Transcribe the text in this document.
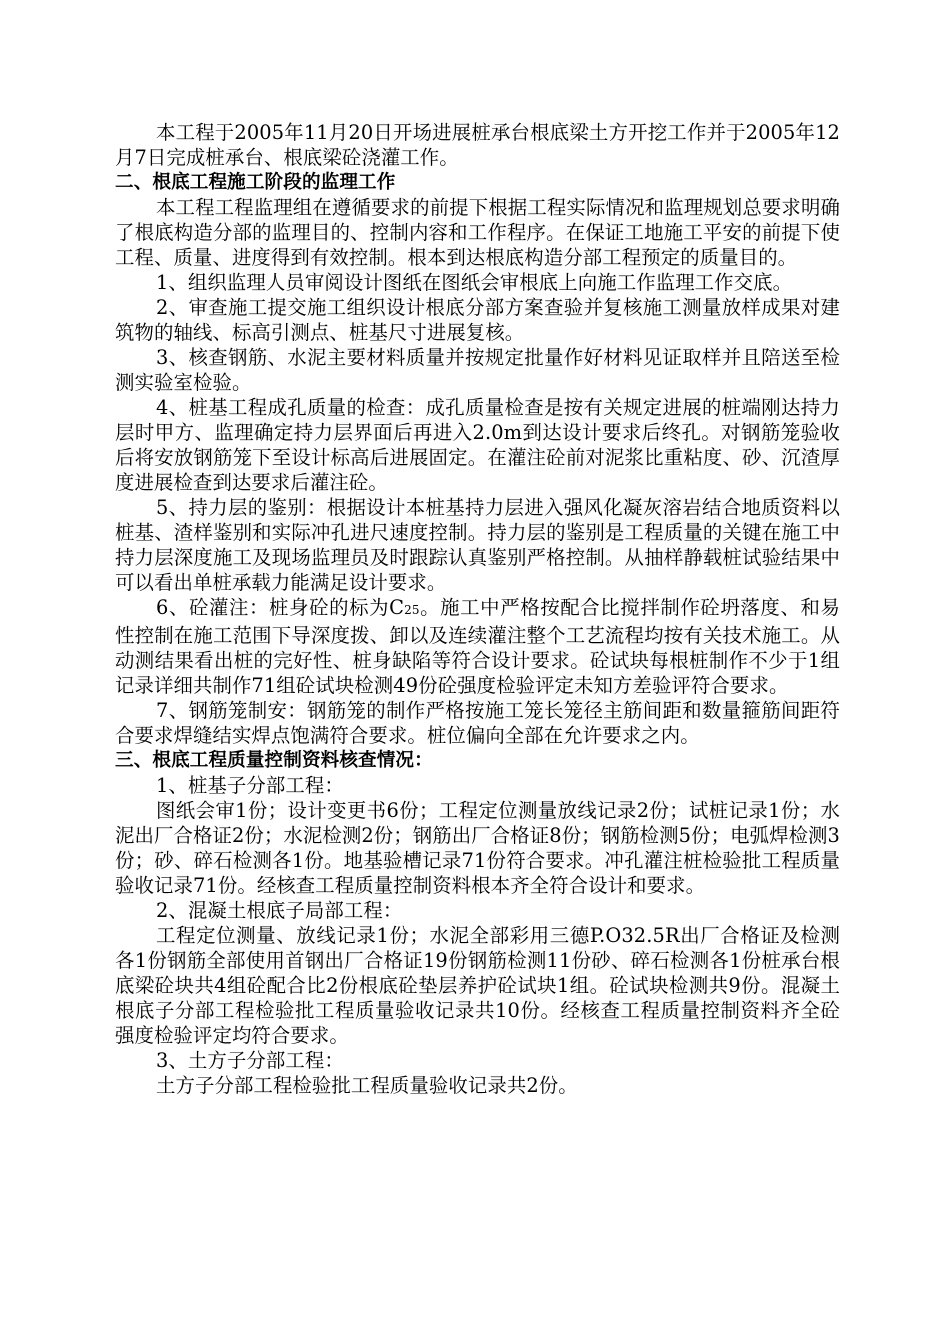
本工程于2005年11月20日开场进展桩承台根底梁土方开挖工作并于2005年12月7日完成桩承台、根底梁砼浇灌工作。

二、根底工程施工阶段的监理工作

本工程工程监理组在遵循要求的前提下根据工程实际情况和监理规划总要求明确了根底构造分部的监理目的、控制内容和工作程序。在保证工地施工平安的前提下使工程、质量、进度得到有效控制。根本到达根底构造分部工程预定的质量目的。

1、组织监理人员审阅设计图纸在图纸会审根底上向施工作监理工作交底。

2、审查施工提交施工组织设计根底分部方案查验并复核施工测量放样成果对建筑物的轴线、标高引测点、桩基尺寸进展复核。

3、核查钢筋、水泥主要材料质量并按规定批量作好材料见证取样并且陪送至检测实验室检验。

4、桩基工程成孔质量的检查：成孔质量检查是按有关规定进展的桩端刚达持力层时甲方、监理确定持力层界面后再进入2.0m到达设计要求后终孔。对钢筋笼验收后将安放钢筋笼下至设计标高后进展固定。在灌注砼前对泥浆比重粘度、砂、沉渣厚度进展检查到达要求后灌注砼。

5、持力层的鉴别：根据设计本桩基持力层进入强风化凝灰溶岩结合地质资料以桩基、渣样鉴别和实际冲孔进尺速度控制。持力层的鉴别是工程质量的关键在施工中持力层深度施工及现场监理员及时跟踪认真鉴别严格控制。从抽样静载桩试验结果中可以看出单桩承载力能满足设计要求。

6、砼灌注：桩身砼的标为C25。施工中严格按配合比搅拌制作砼坍落度、和易性控制在施工范围下导深度拨、卸以及连续灌注整个工艺流程均按有关技术施工。从动测结果看出桩的完好性、桩身缺陷等符合设计要求。砼试块每根桩制作不少于1组记录详细共制作71组砼试块检测49份砼强度检验评定未知方差验评符合要求。

7、钢筋笼制安：钢筋笼的制作严格按施工笼长笼径主筋间距和数量箍筋间距符合要求焊缝结实焊点饱满符合要求。桩位偏向全部在允许要求之内。

三、根底工程质量控制资料核查情况：

1、桩基子分部工程：

图纸会审1份；设计变更书6份；工程定位测量放线记录2份；试桩记录1份；水泥出厂合格证2份；水泥检测2份；钢筋出厂合格证8份；钢筋检测5份；电弧焊检测3份；砂、碎石检测各1份。地基验槽记录71份符合要求。冲孔灌注桩检验批工程质量验收记录71份。经核查工程质量控制资料根本齐全符合设计和要求。

2、混凝土根底子局部工程：

工程定位测量、放线记录1份；水泥全部彩用三德P.O32.5R出厂合格证及检测各1份钢筋全部使用首钢出厂合格证19份钢筋检测11份砂、碎石检测各1份桩承台根底梁砼块共4组砼配合比2份根底砼垫层养护砼试块1组。砼试块检测共9份。混凝土根底子分部工程检验批工程质量验收记录共10份。经核查工程质量控制资料齐全砼强度检验评定均符合要求。

3、土方子分部工程：

土方子分部工程检验批工程质量验收记录共2份。
